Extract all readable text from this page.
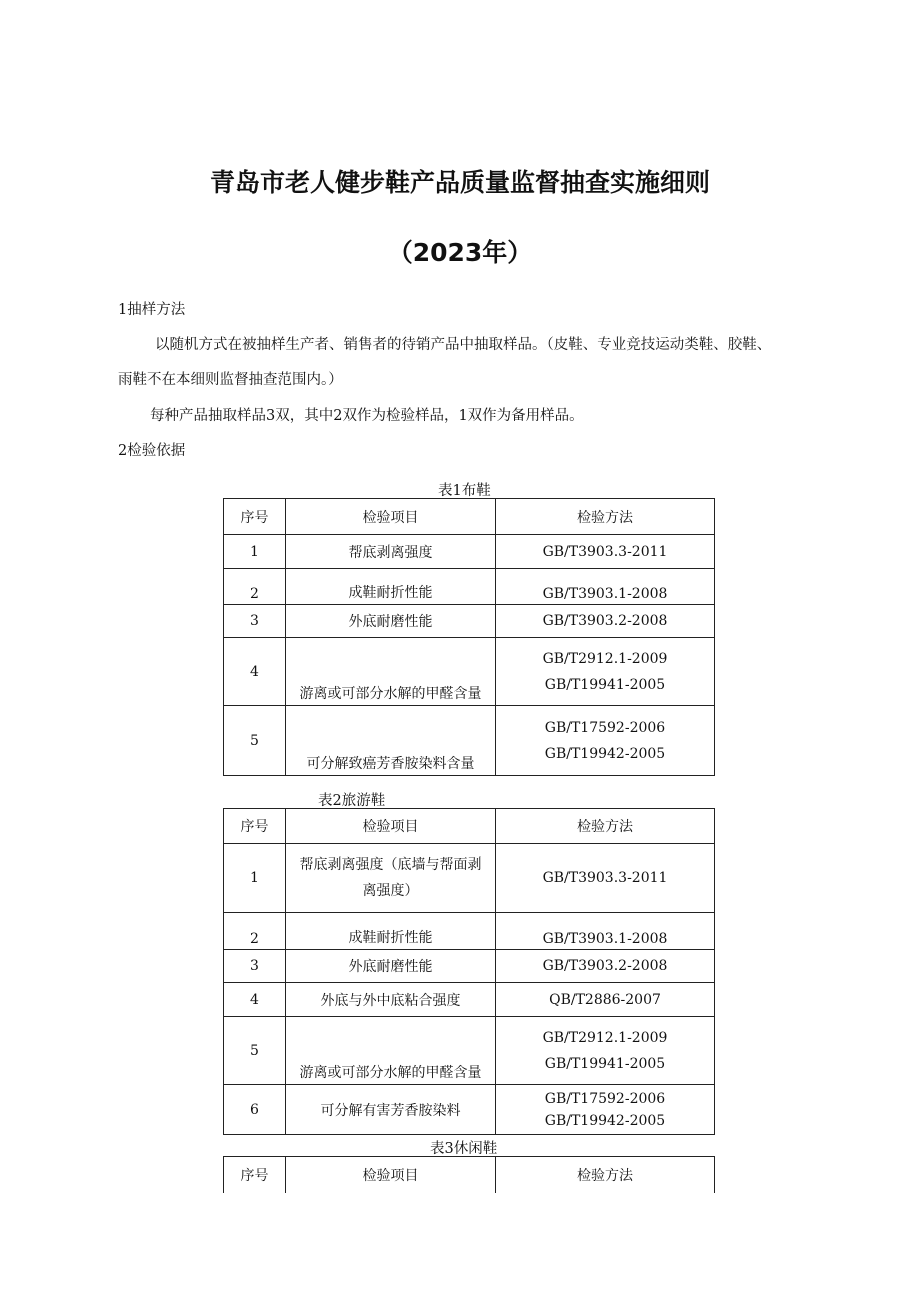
青岛市老人健步鞋产品质量监督抽查实施细则
（2023年）
1抽样方法
以随机方式在被抽样生产者、销售者的待销产品中抽取样品。（皮鞋、专业竞技运动类鞋、胶鞋、
雨鞋不在本细则监督抽查范围内。）
每种产品抽取样品3双，其中2双作为检验样品，1双作为备用样品。
2检验依据
表1布鞋
序号	检验项目	检验方法
1	帮底剥离强度	GB/T3903.3-2011
2	成鞋耐折性能	GB/T3903.1-2008
3	外底耐磨性能	GB/T3903.2-2008
4	游离或可部分水解的甲醛含量	GB/T2912.1-2009
GB/T19941-2005

5	可分解致癌芳香胺染料含量	GB/T17592-2006
GB/T19942-2005
表2旅游鞋
序号	检验项目	检验方法
1	帮底剥离强度（底墙与帮面剥
离强度）	GB/T3903.3-2011
2	成鞋耐折性能	GB/T3903.1-2008
3	外底耐磨性能	GB/T3903.2-2008
4	外底与外中底粘合强度	QB/T2886-2007
5	游离或可部分水解的甲醛含量	GB/T2912.1-2009
GB/T19941-2005

6	可分解有害芳香胺染料	GB/T17592-2006
GB/T19942-2005
表3休闲鞋
序号	检验项目	检验方法
